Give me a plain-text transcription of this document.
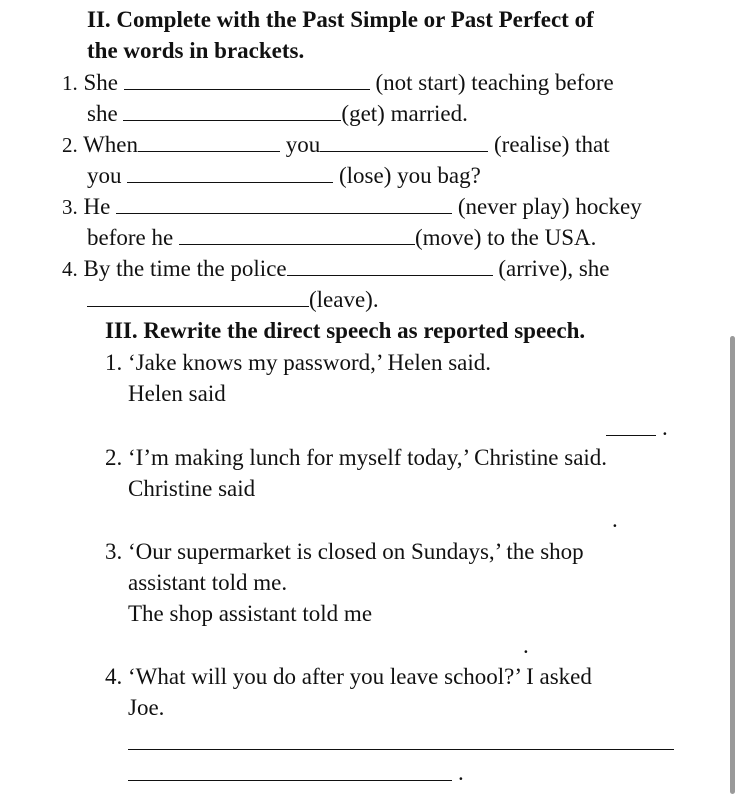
II. Complete with the Past Simple or Past Perfect of
the words in brackets.
1. She	(not start) teaching before
she	(get) married.
2. When	you	(realise) that
you	(lose) you bag?
3. He	(never play) hockey
before he	(move) to the USA.
4. By the time the police	(arrive), she
(leave).
III. Rewrite the direct speech as reported speech.
1. ‘Jake knows my password,’ Helen said.
Helen said
.
2. ‘I’m making lunch for myself today,’ Christine said.
Christine said
.
3. ‘Our supermarket is closed on Sundays,’ the shop
assistant told me.
The shop assistant told me
.
4. ‘What will you do after you leave school?’ I asked
Joe.
.
